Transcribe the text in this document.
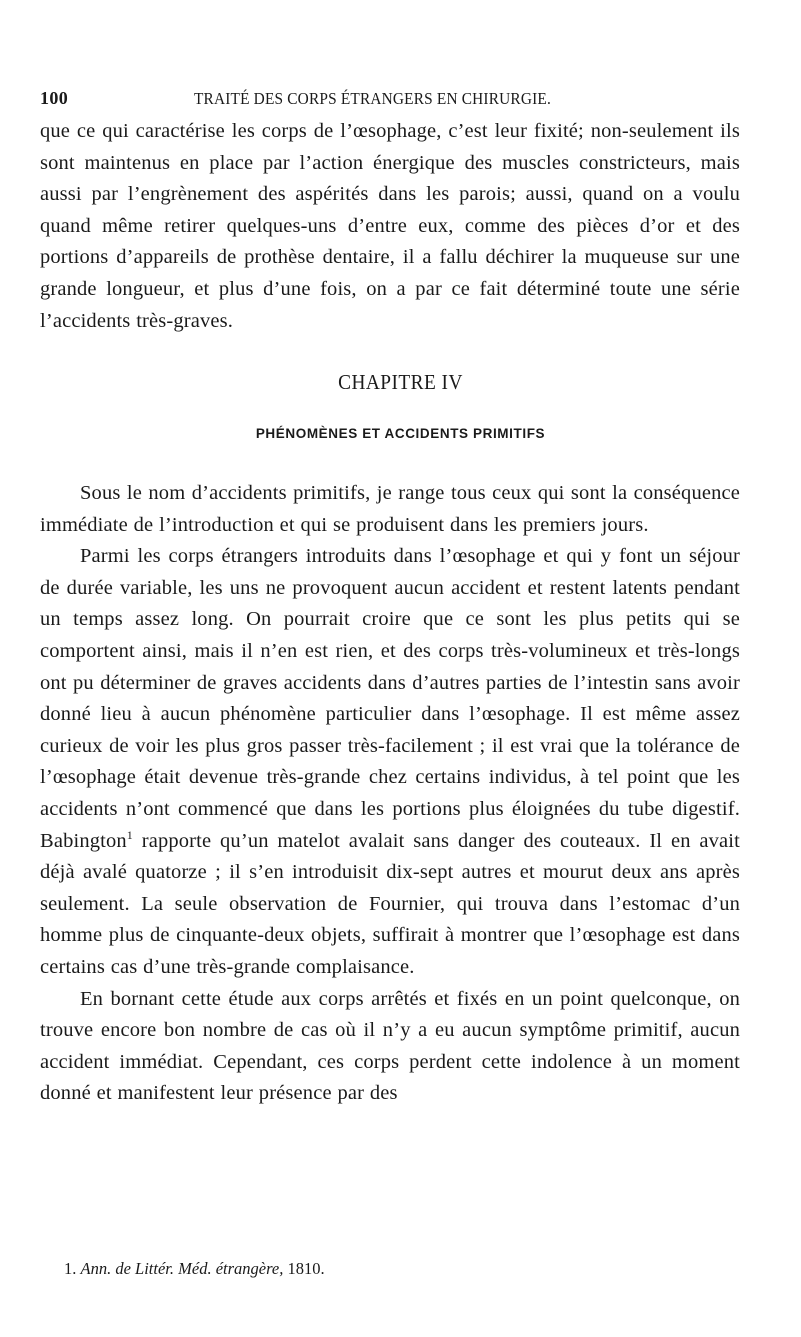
100	TRAITÉ DES CORPS ÉTRANGERS EN CHIRURGIE.
que ce qui caractérise les corps de l’œsophage, c’est leur fixité; non-seulement ils sont maintenus en place par l’action énergique des muscles constricteurs, mais aussi par l’engrènement des aspérités dans les parois; aussi, quand on a voulu quand même retirer quelques-uns d’entre eux, comme des pièces d’or et des portions d’appareils de prothèse dentaire, il a fallu déchirer la muqueuse sur une grande longueur, et plus d’une fois, on a par ce fait déterminé toute une série l’accidents très-graves.
CHAPITRE IV
PHÉNOMÈNES ET ACCIDENTS PRIMITIFS
Sous le nom d’accidents primitifs, je range tous ceux qui sont la conséquence immédiate de l’introduction et qui se produisent dans les premiers jours.
Parmi les corps étrangers introduits dans l’œsophage et qui y font un séjour de durée variable, les uns ne provoquent aucun accident et restent latents pendant un temps assez long. On pourrait croire que ce sont les plus petits qui se comportent ainsi, mais il n’en est rien, et des corps très-volumineux et très-longs ont pu déterminer de graves accidents dans d’autres parties de l’intestin sans avoir donné lieu à aucun phénomène particulier dans l’œsophage. Il est même assez curieux de voir les plus gros passer très-facilement ; il est vrai que la tolérance de l’œsophage était devenue très-grande chez certains individus, à tel point que les accidents n’ont commencé que dans les portions plus éloignées du tube digestif. Babington$^1$ rapporte qu’un matelot avalait sans danger des couteaux. Il en avait déjà avalé quatorze ; il s’en introduisit dix-sept autres et mourut deux ans après seulement. La seule observation de Fournier, qui trouva dans l’estomac d’un homme plus de cinquante-deux objets, suffirait à montrer que l’œsophage est dans certains cas d’une très-grande complaisance.
En bornant cette étude aux corps arrêtés et fixés en un point quelconque, on trouve encore bon nombre de cas où il n’y a eu aucun symptôme primitif, aucun accident immédiat. Cependant, ces corps perdent cette indolence à un moment donné et manifestent leur présence par des
1. Ann. de Littér. Méd. étrangère, 1810.
